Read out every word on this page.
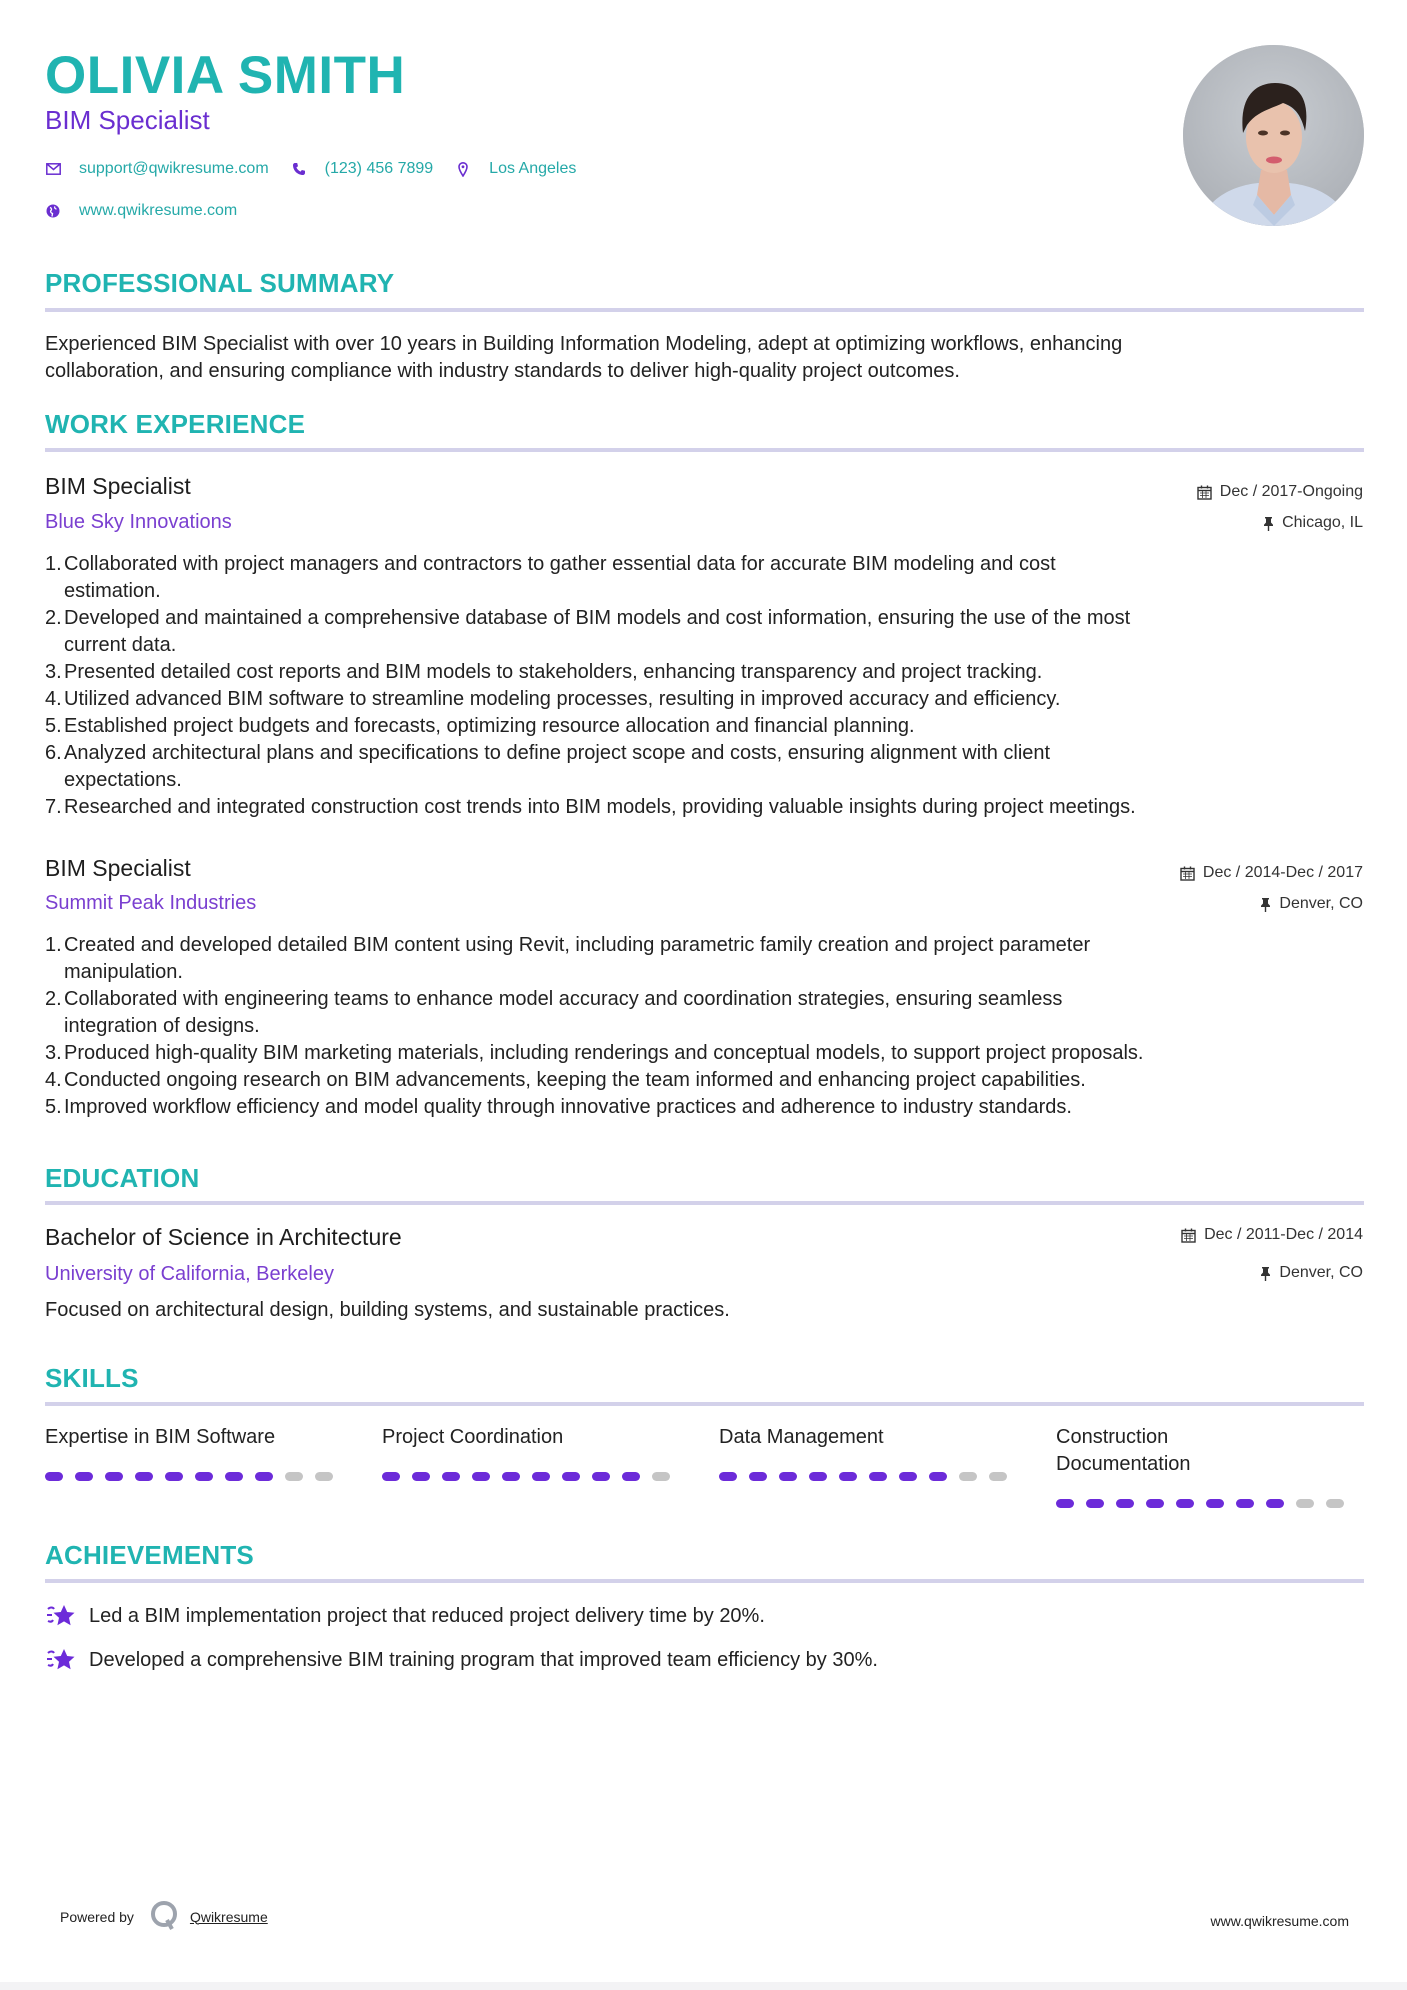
OLIVIA SMITH
BIM Specialist
support@qwikresume.com	(123) 456 7899	Los Angeles
www.qwikresume.com
PROFESSIONAL SUMMARY
Experienced BIM Specialist with over 10 years in Building Information Modeling, adept at optimizing workflows, enhancing
collaboration, and ensuring compliance with industry standards to deliver high-quality project outcomes.
WORK EXPERIENCE
BIM Specialist
Blue Sky Innovations
Dec / 2017-Ongoing
Chicago, IL
1. Collaborated with project managers and contractors to gather essential data for accurate BIM modeling and cost
estimation.
2. Developed and maintained a comprehensive database of BIM models and cost information, ensuring the use of the most
current data.
3. Presented detailed cost reports and BIM models to stakeholders, enhancing transparency and project tracking.
4. Utilized advanced BIM software to streamline modeling processes, resulting in improved accuracy and efficiency.
5. Established project budgets and forecasts, optimizing resource allocation and financial planning.
6. Analyzed architectural plans and specifications to define project scope and costs, ensuring alignment with client
expectations.
7. Researched and integrated construction cost trends into BIM models, providing valuable insights during project meetings.
BIM Specialist
Summit Peak Industries
Dec / 2014-Dec / 2017
Denver, CO
1. Created and developed detailed BIM content using Revit, including parametric family creation and project parameter
manipulation.
2. Collaborated with engineering teams to enhance model accuracy and coordination strategies, ensuring seamless
integration of designs.
3. Produced high-quality BIM marketing materials, including renderings and conceptual models, to support project proposals.
4. Conducted ongoing research on BIM advancements, keeping the team informed and enhancing project capabilities.
5. Improved workflow efficiency and model quality through innovative practices and adherence to industry standards.
EDUCATION
Bachelor of Science in Architecture
University of California, Berkeley
Dec / 2011-Dec / 2014
Denver, CO
Focused on architectural design, building systems, and sustainable practices.
SKILLS
Expertise in BIM Software	Project Coordination	Data Management	Construction
Documentation
ACHIEVEMENTS
Led a BIM implementation project that reduced project delivery time by 20%.
Developed a comprehensive BIM training program that improved team efficiency by 30%.
Powered by	Qwikresume	www.qwikresume.com
